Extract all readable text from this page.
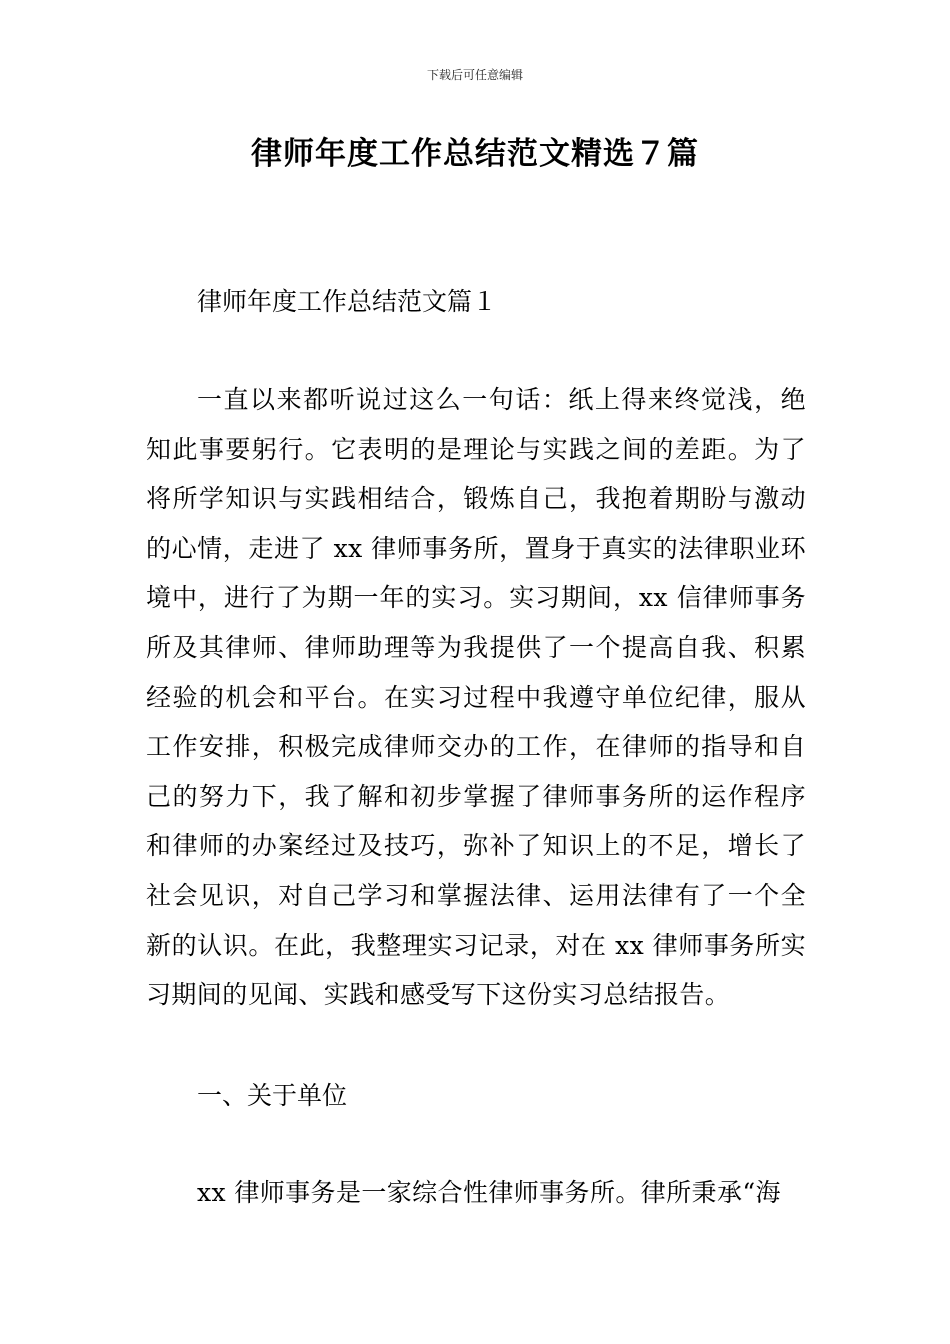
下载后可任意编辑
律师年度工作总结范文精选７篇
律师年度工作总结范文篇１
一直以来都听说过这么一句话：纸上得来终觉浅，绝知此事要躬行。它表明的是理论与实践之间的差距。为了将所学知识与实践相结合，锻炼自己，我抱着期盼与激动的心情，走进了 xx 律师事务所，置身于真实的法律职业环境中，进行了为期一年的实习。实习期间，xx 信律师事务所及其律师、律师助理等为我提供了一个提高自我、积累经验的机会和平台。在实习过程中我遵守单位纪律，服从工作安排，积极完成律师交办的工作，在律师的指导和自己的努力下，我了解和初步掌握了律师事务所的运作程序和律师的办案经过及技巧，弥补了知识上的不足，增长了社会见识，对自己学习和掌握法律、运用法律有了一个全新的认识。在此，我整理实习记录，对在 xx 律师事务所实习期间的见闻、实践和感受写下这份实习总结报告。
一、关于单位
xx 律师事务是一家综合性律师事务所。律所秉承“海
